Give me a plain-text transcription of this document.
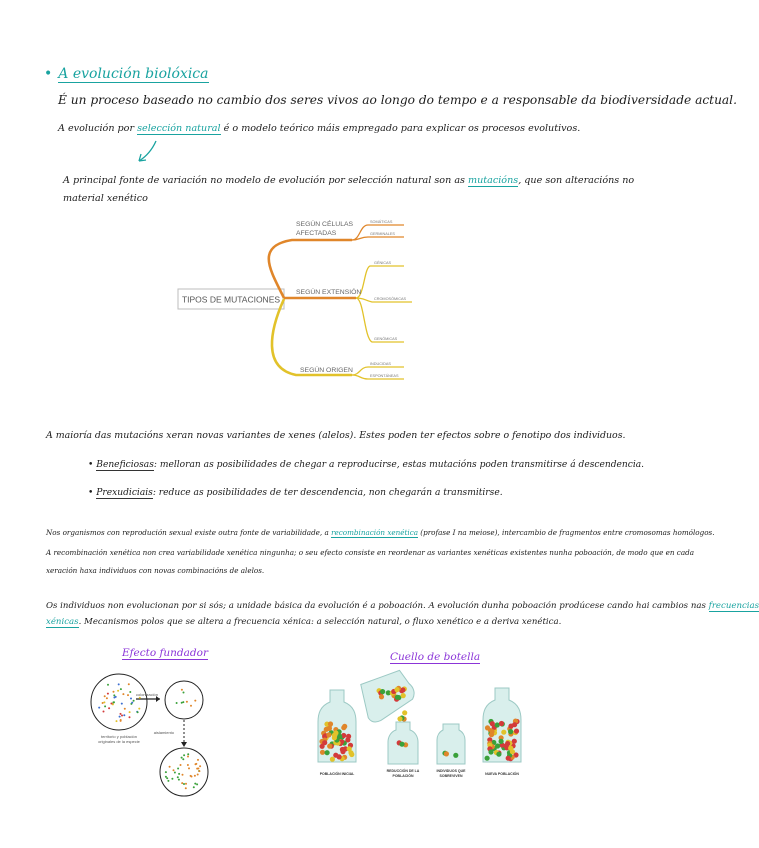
• A evolución biolóxica
É un proceso baseado no cambio dos seres vivos ao longo do tempo e a responsable da biodiversidade actual.
A evolución por selección natural é o modelo teórico máis empregado para explicar os procesos evolutivos.
A principal fonte de variación no modelo de evolución por selección natural son as mutacións, que son alteracións no
material xenético
TIPOS DE MUTACIONES
SEGÚN CÉLULAS
AFECTADAS
SEGÚN EXTENSIÓN
SEGÚN ORIGEN
SOMÁTICAS
GERMINALES
GÉNICAS
CROMOSÓMICAS
GENÓMICAS
INDUCIDAS
ESPONTÁNEAS
A maioría das mutacións xeran novas variantes de xenes (alelos). Estes poden ter efectos sobre o fenotipo dos individuos.
• Beneficiosas: melloran as posibilidades de chegar a reproducirse, estas mutacións poden transmitirse á descendencia.
• Prexudiciais: reduce as posibilidades de ter descendencia, non chegarán a transmitirse.
Nos organismos con reprodución sexual existe outra fonte de variabilidade, a recombinación xenética (profase I na meiose), intercambio de fragmentos entre cromosomas homólogos.
A recombinación xenética non crea variabilidade xenética ningunha; o seu efecto consiste en reordenar as variantes xenéticas existentes nunha poboación, de modo que en cada
xeración haxa individuos con novas combinacións de alelos.
Os individuos non evolucionan por si sós; a unidade básica da evolución é a poboación. A evolución dunha poboación prodúcese cando hai cambios nas frecuencias
xénicas. Mecanismos polos que se altera a frecuencia xénica: a selección natural, o fluxo xenético e a deriva xenética.
Efecto fundador	Cuello de botella
colonización
territorio y población
originales de la especie
aislamiento
POBLACIÓN INICIAL
REDUCCIÓN DE LA
POBLACIÓN
INDIVIDUOS QUE
SOBREVIVEN	NUEVA POBLACIÓN
